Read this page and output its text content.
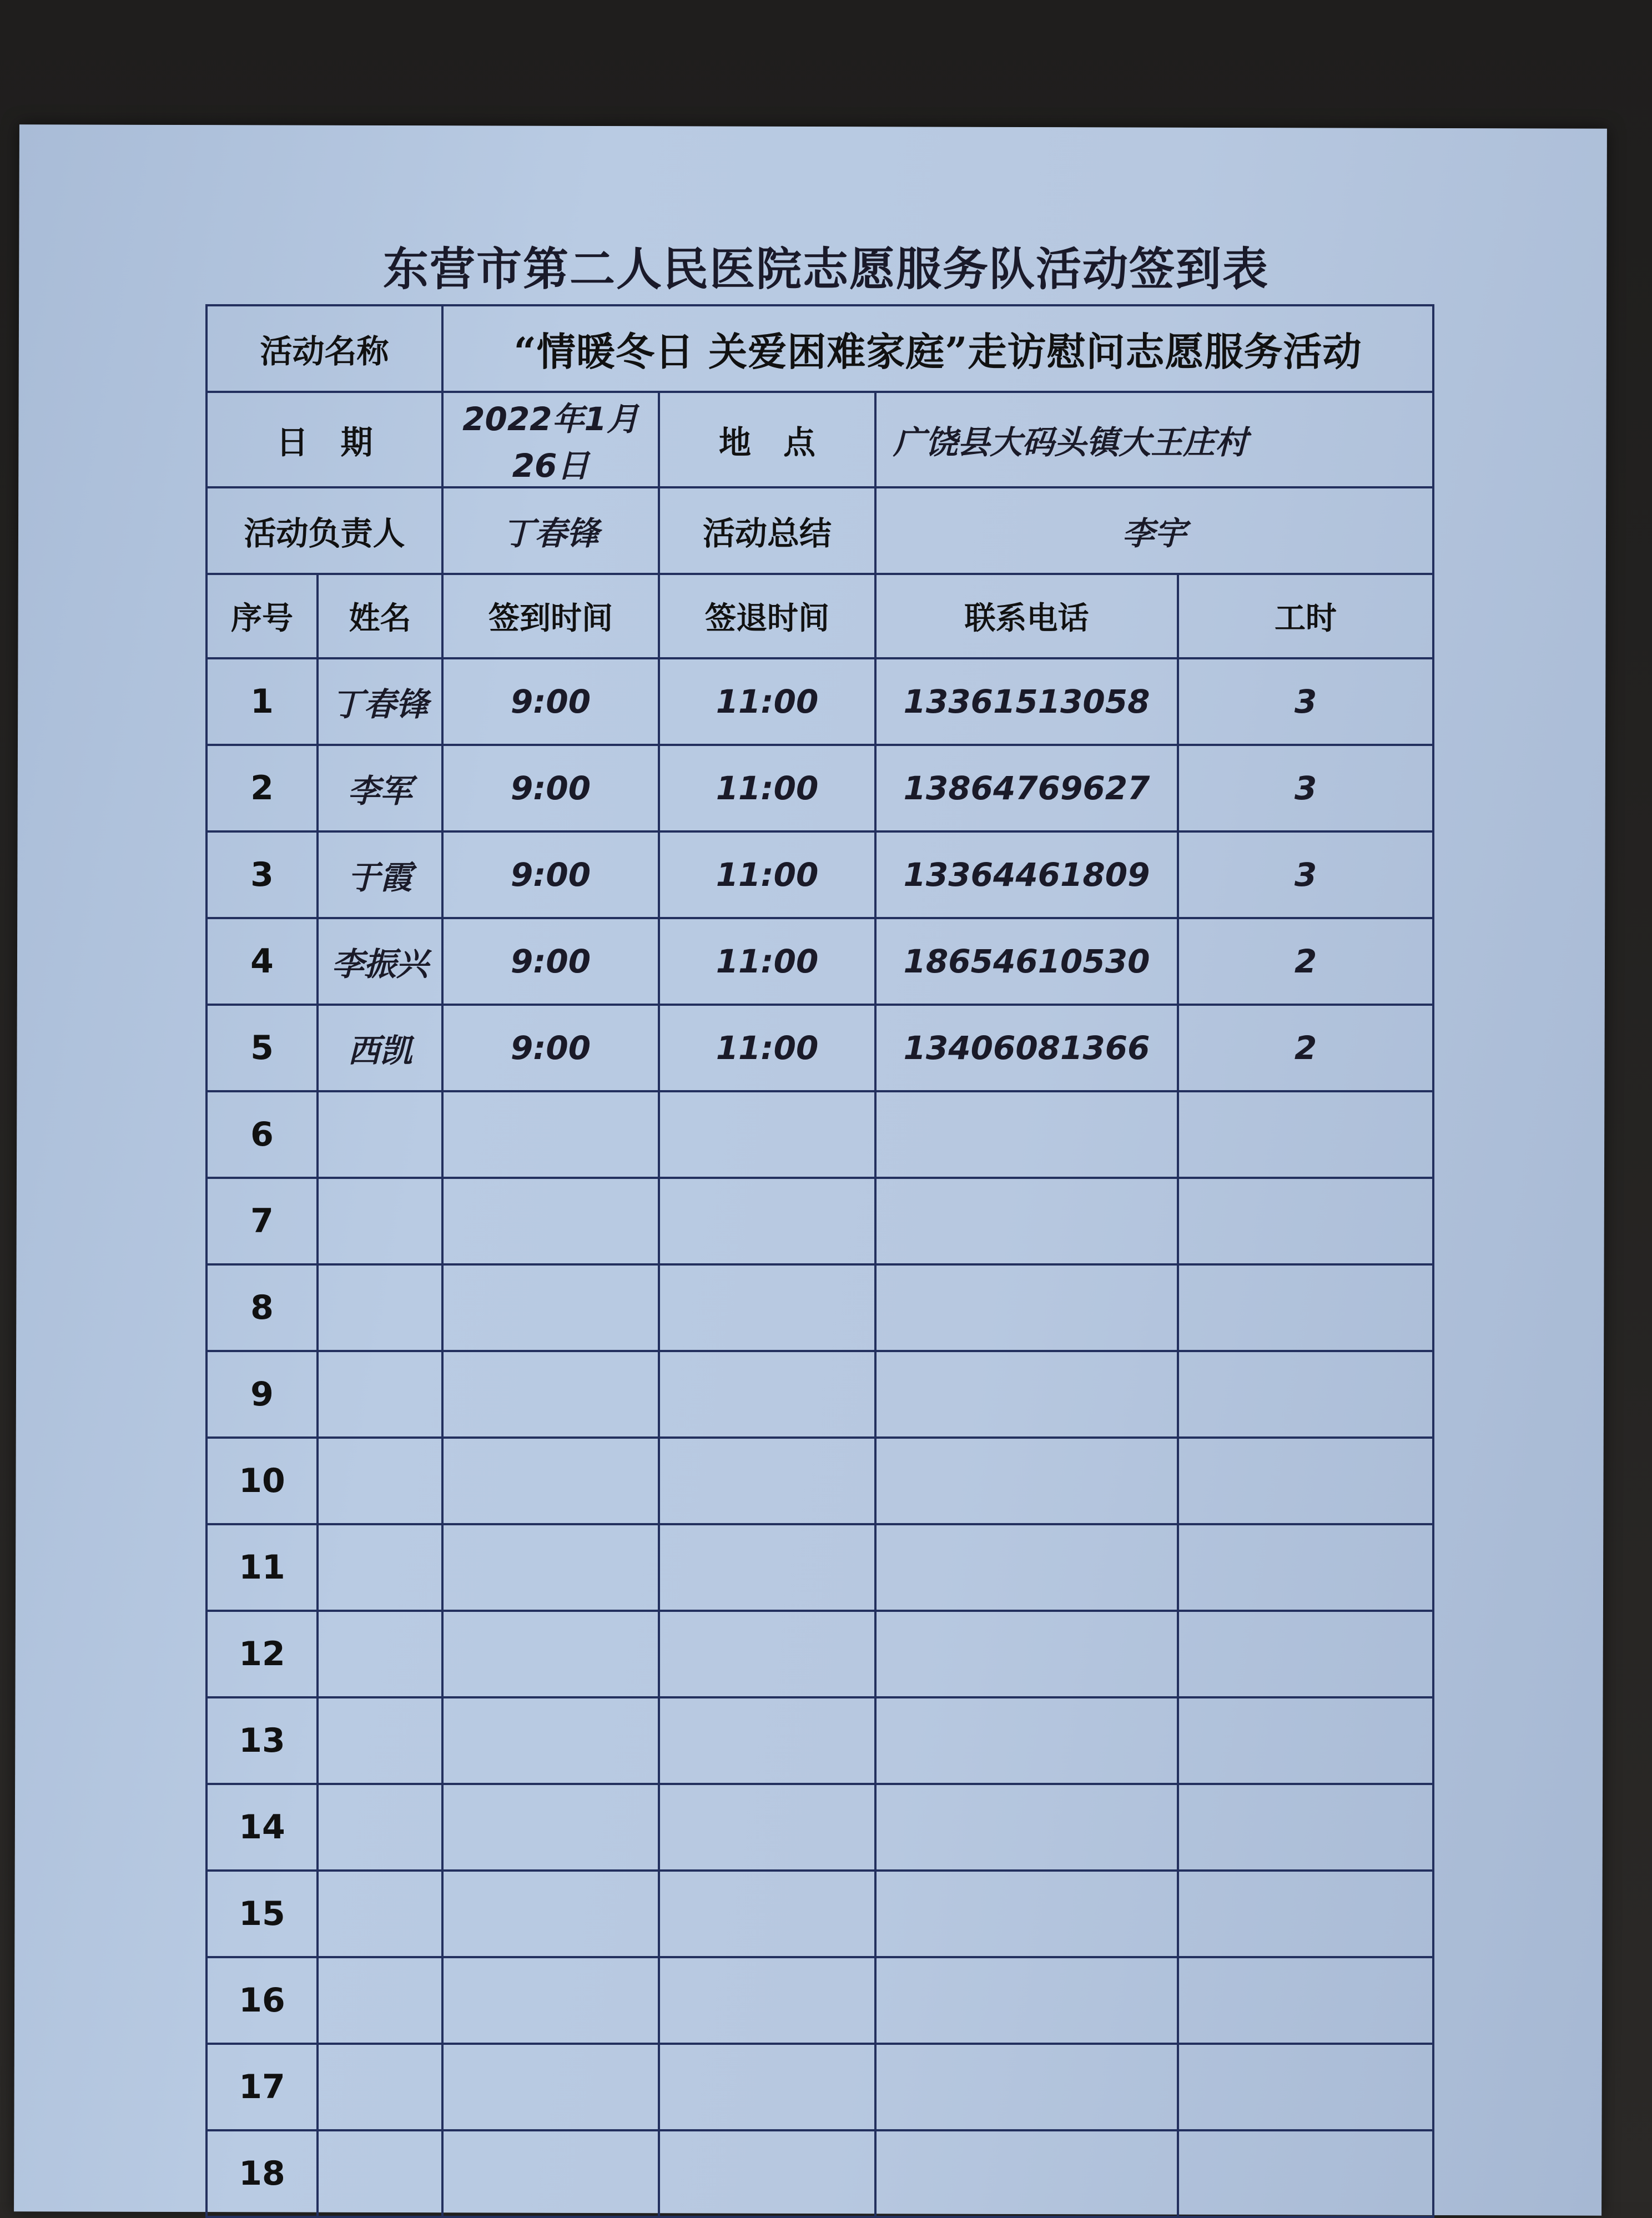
东营市第二人民医院志愿服务队活动签到表
活动名称		“情暖冬日 关爱困难家庭”走访慰问志愿服务活动			
日　期		2022年1月26日	地　点	广饶县大码头镇大王庄村	
活动负责人		丁春锋	活动总结	李宇	
序号	姓名	签到时间	签退时间	联系电话	工时
1	丁春锋	9:00	11:00	13361513058	3
2	李军	9:00	11:00	13864769627	3
3	于霞	9:00	11:00	13364461809	3
4	李振兴	9:00	11:00	18654610530	2
5	西凯	9:00	11:00	13406081366	2
6					
7					
8					
9					
10					
11					
12					
13					
14					
15					
16					
17					
18					
